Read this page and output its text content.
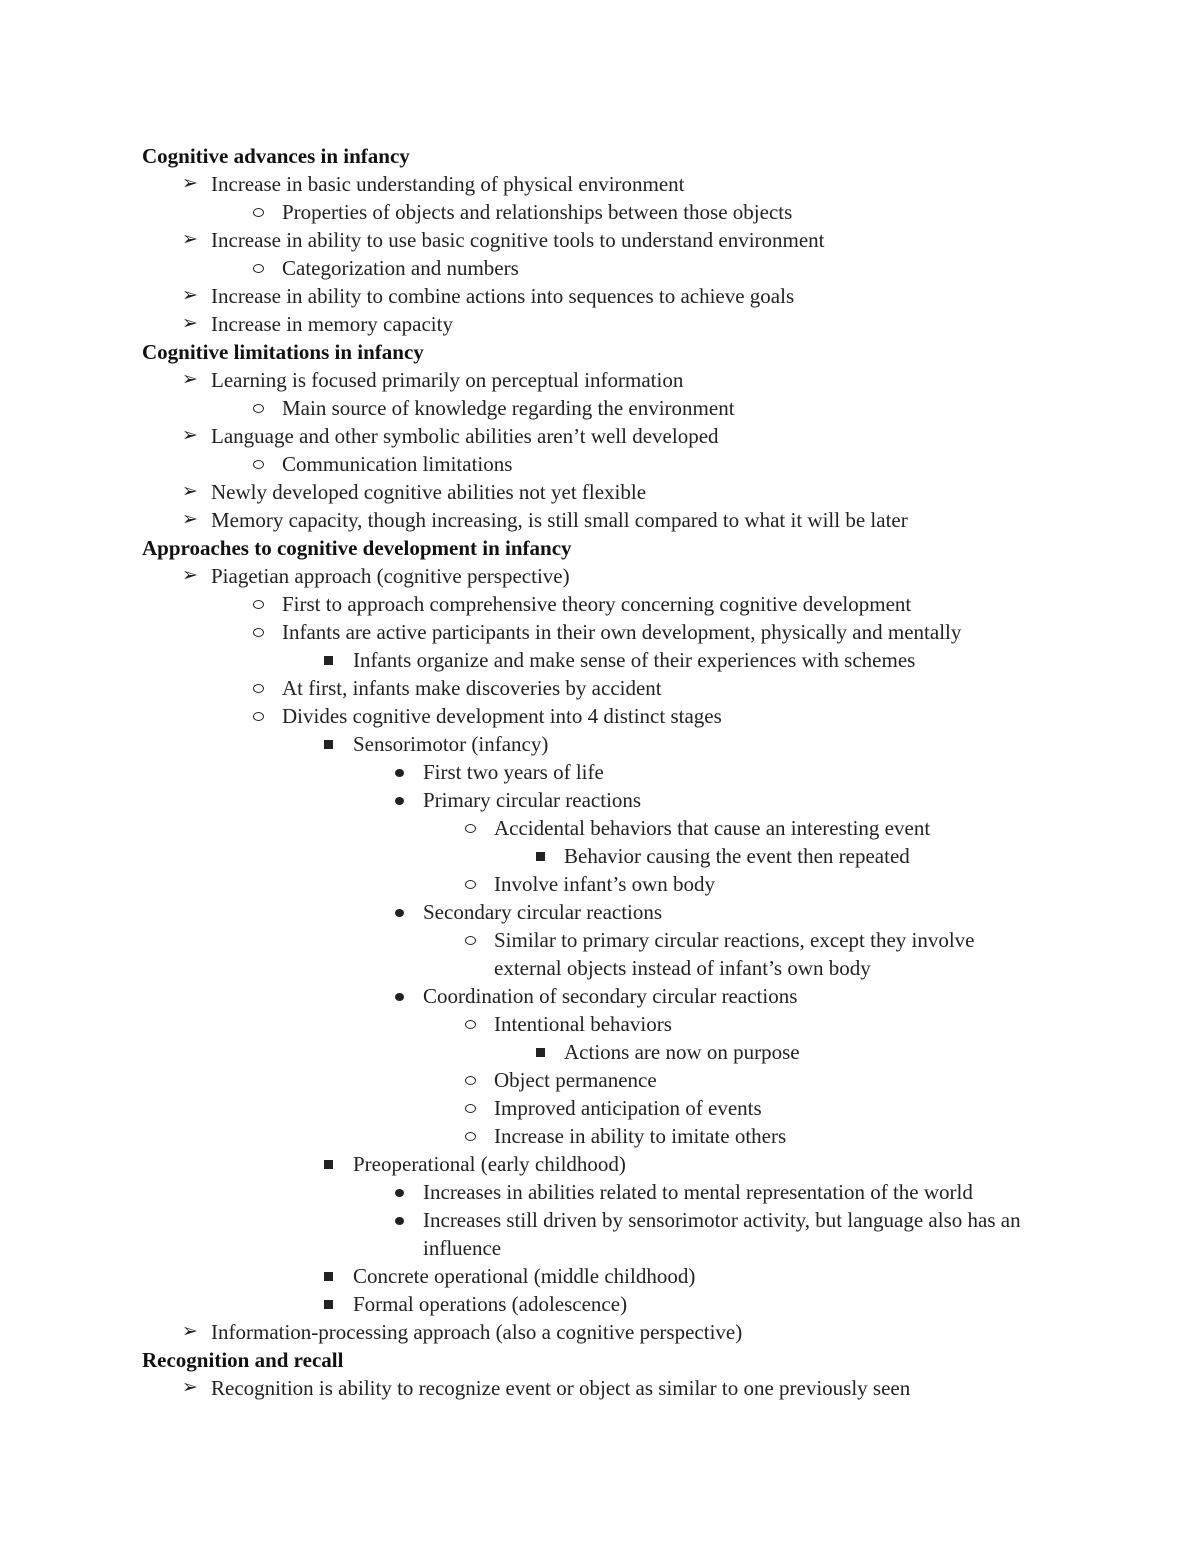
Cognitive advances in infancy
➢ Increase in basic understanding of physical environment
Properties of objects and relationships between those objects
➢ Increase in ability to use basic cognitive tools to understand environment
Categorization and numbers
➢ Increase in ability to combine actions into sequences to achieve goals
➢ Increase in memory capacity
Cognitive limitations in infancy
➢ Learning is focused primarily on perceptual information
Main source of knowledge regarding the environment
➢ Language and other symbolic abilities aren’t well developed
Communication limitations
➢ Newly developed cognitive abilities not yet flexible
➢ Memory capacity, though increasing, is still small compared to what it will be later
Approaches to cognitive development in infancy
➢ Piagetian approach (cognitive perspective)
First to approach comprehensive theory concerning cognitive development
Infants are active participants in their own development, physically and mentally
Infants organize and make sense of their experiences with schemes
At first, infants make discoveries by accident
Divides cognitive development into 4 distinct stages
Sensorimotor (infancy)
First two years of life
Primary circular reactions
Accidental behaviors that cause an interesting event
Behavior causing the event then repeated
Involve infant’s own body
Secondary circular reactions
Similar to primary circular reactions, except they involve external objects instead of infant’s own body
Coordination of secondary circular reactions
Intentional behaviors
Actions are now on purpose
Object permanence
Improved anticipation of events
Increase in ability to imitate others
Preoperational (early childhood)
Increases in abilities related to mental representation of the world
Increases still driven by sensorimotor activity, but language also has an influence
Concrete operational (middle childhood)
Formal operations (adolescence)
➢ Information-processing approach (also a cognitive perspective)
Recognition and recall
➢ Recognition is ability to recognize event or object as similar to one previously seen
